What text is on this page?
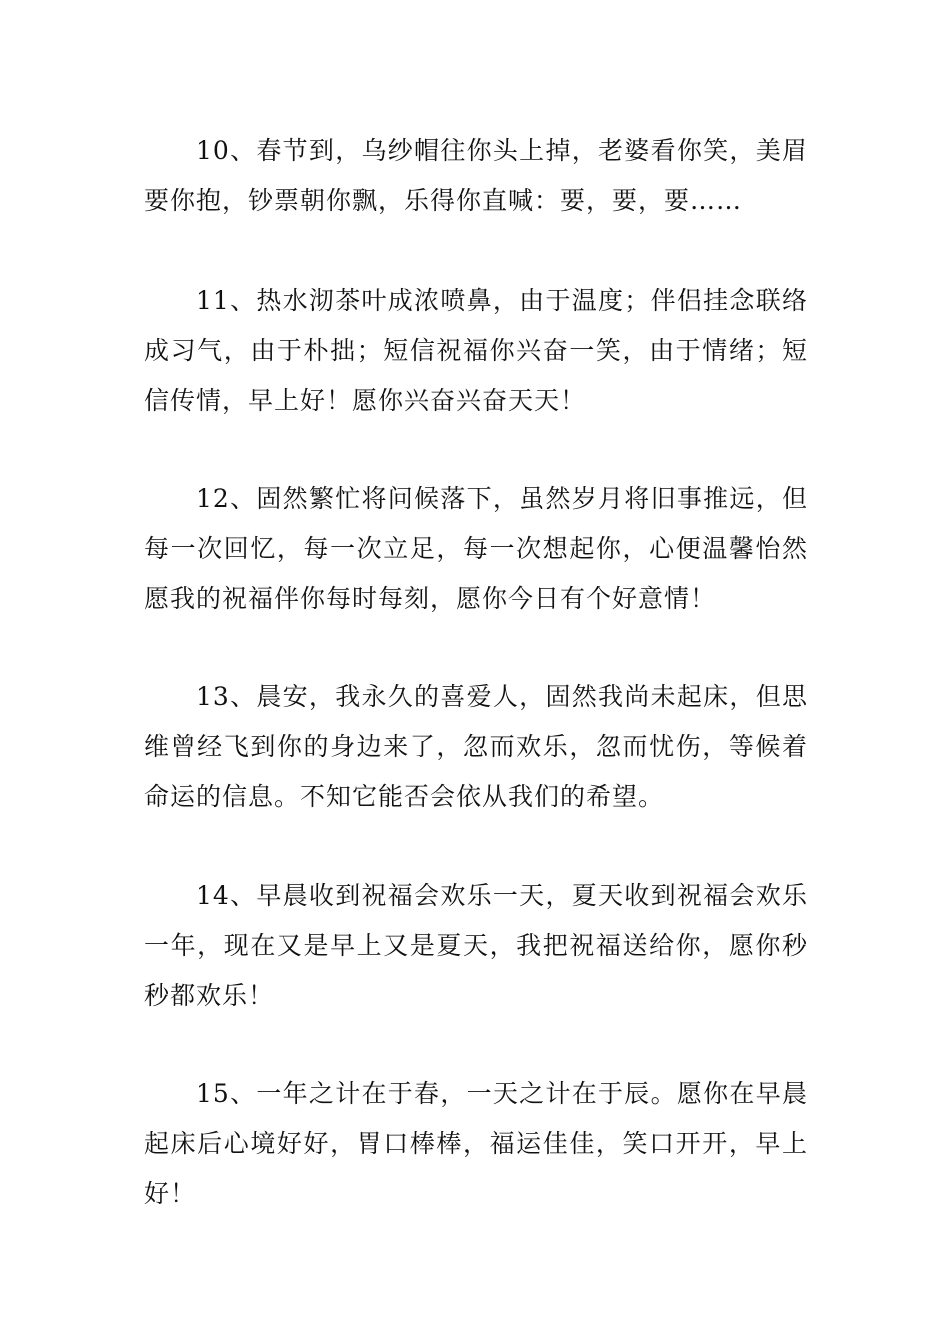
10、春节到，乌纱帽往你头上掉，老婆看你笑，美眉要你抱，钞票朝你飘，乐得你直喊：要，要，要……

11、热水沏茶叶成浓喷鼻，由于温度；伴侣挂念联络成习气，由于朴拙；短信祝福你兴奋一笑，由于情绪；短信传情，早上好！愿你兴奋兴奋天天！

12、固然繁忙将问候落下，虽然岁月将旧事推远，但每一次回忆，每一次立足，每一次想起你，心便温馨怡然愿我的祝福伴你每时每刻，愿你今日有个好意情！

13、晨安，我永久的喜爱人，固然我尚未起床，但思维曾经飞到你的身边来了，忽而欢乐，忽而忧伤，等候着命运的信息。不知它能否会依从我们的希望。

14、早晨收到祝福会欢乐一天，夏天收到祝福会欢乐一年，现在又是早上又是夏天，我把祝福送给你，愿你秒秒都欢乐！

15、一年之计在于春，一天之计在于辰。愿你在早晨起床后心境好好，胃口棒棒，福运佳佳，笑口开开，早上好！
